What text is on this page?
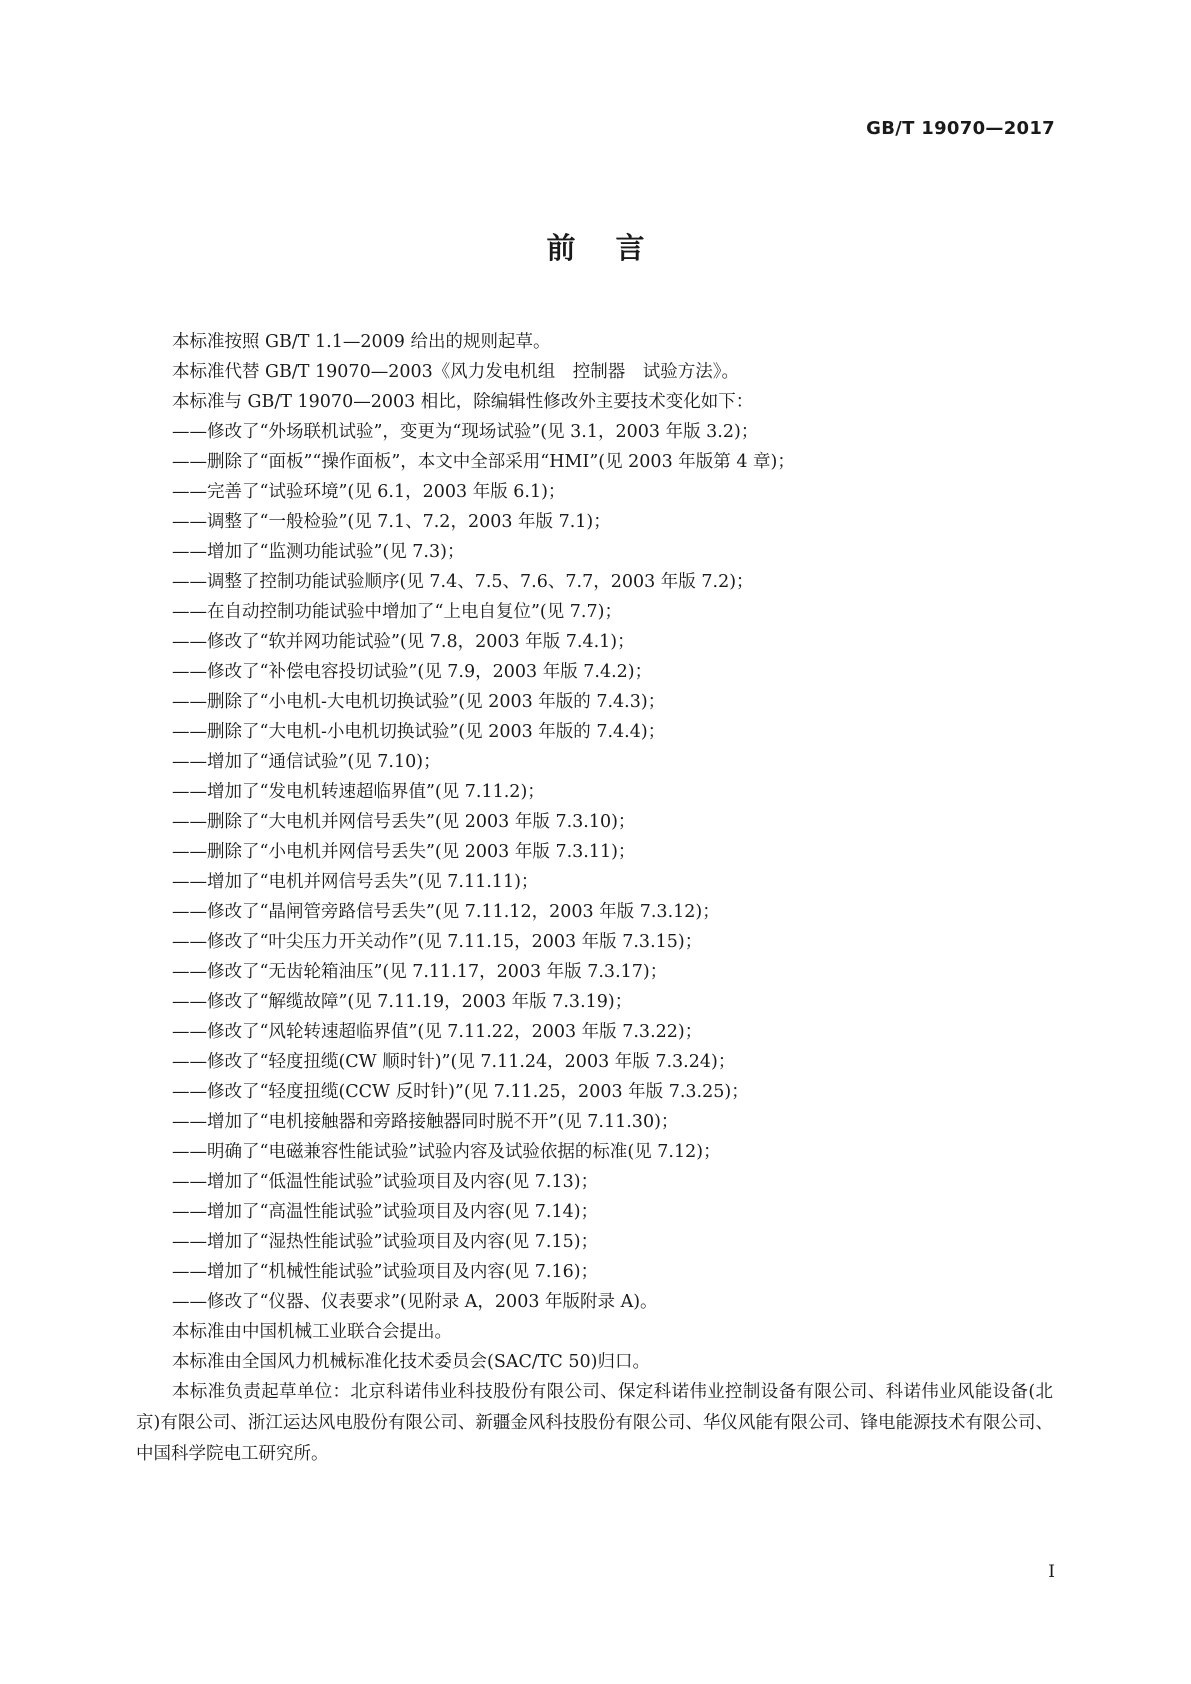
GB/T 19070—2017
前言

本标准按照 GB/T 1.1—2009 给出的规则起草。

本标准代替 GB/T 19070—2003《风力发电机组　控制器　试验方法》。

本标准与 GB/T 19070—2003 相比，除编辑性修改外主要技术变化如下：

——修改了“外场联机试验”，变更为“现场试验”(见 3.1，2003 年版 3.2)；

——删除了“面板”“操作面板”，本文中全部采用“HMI”(见 2003 年版第 4 章)；

——完善了“试验环境”(见 6.1，2003 年版 6.1)；

——调整了“一般检验”(见 7.1、7.2，2003 年版 7.1)；

——增加了“监测功能试验”(见 7.3)；

——调整了控制功能试验顺序(见 7.4、7.5、7.6、7.7，2003 年版 7.2)；

——在自动控制功能试验中增加了“上电自复位”(见 7.7)；

——修改了“软并网功能试验”(见 7.8，2003 年版 7.4.1)；

——修改了“补偿电容投切试验”(见 7.9，2003 年版 7.4.2)；

——删除了“小电机-大电机切换试验”(见 2003 年版的 7.4.3)；

——删除了“大电机-小电机切换试验”(见 2003 年版的 7.4.4)；

——增加了“通信试验”(见 7.10)；

——增加了“发电机转速超临界值”(见 7.11.2)；

——删除了“大电机并网信号丢失”(见 2003 年版 7.3.10)；

——删除了“小电机并网信号丢失”(见 2003 年版 7.3.11)；

——增加了“电机并网信号丢失”(见 7.11.11)；

——修改了“晶闸管旁路信号丢失”(见 7.11.12，2003 年版 7.3.12)；

——修改了“叶尖压力开关动作”(见 7.11.15，2003 年版 7.3.15)；

——修改了“无齿轮箱油压”(见 7.11.17，2003 年版 7.3.17)；

——修改了“解缆故障”(见 7.11.19，2003 年版 7.3.19)；

——修改了“风轮转速超临界值”(见 7.11.22，2003 年版 7.3.22)；

——修改了“轻度扭缆(CW 顺时针)”(见 7.11.24，2003 年版 7.3.24)；

——修改了“轻度扭缆(CCW 反时针)”(见 7.11.25，2003 年版 7.3.25)；

——增加了“电机接触器和旁路接触器同时脱不开”(见 7.11.30)；

——明确了“电磁兼容性能试验”试验内容及试验依据的标准(见 7.12)；

——增加了“低温性能试验”试验项目及内容(见 7.13)；

——增加了“高温性能试验”试验项目及内容(见 7.14)；

——增加了“湿热性能试验”试验项目及内容(见 7.15)；

——增加了“机械性能试验”试验项目及内容(见 7.16)；

——修改了“仪器、仪表要求”(见附录 A，2003 年版附录 A)。

本标准由中国机械工业联合会提出。

本标准由全国风力机械标准化技术委员会(SAC/TC 50)归口。

本标准负责起草单位：北京科诺伟业科技股份有限公司、保定科诺伟业控制设备有限公司、科诺伟业风能设备(北京)有限公司、浙江运达风电股份有限公司、新疆金风科技股份有限公司、华仪风能有限公司、锋电能源技术有限公司、中国科学院电工研究所。

I
